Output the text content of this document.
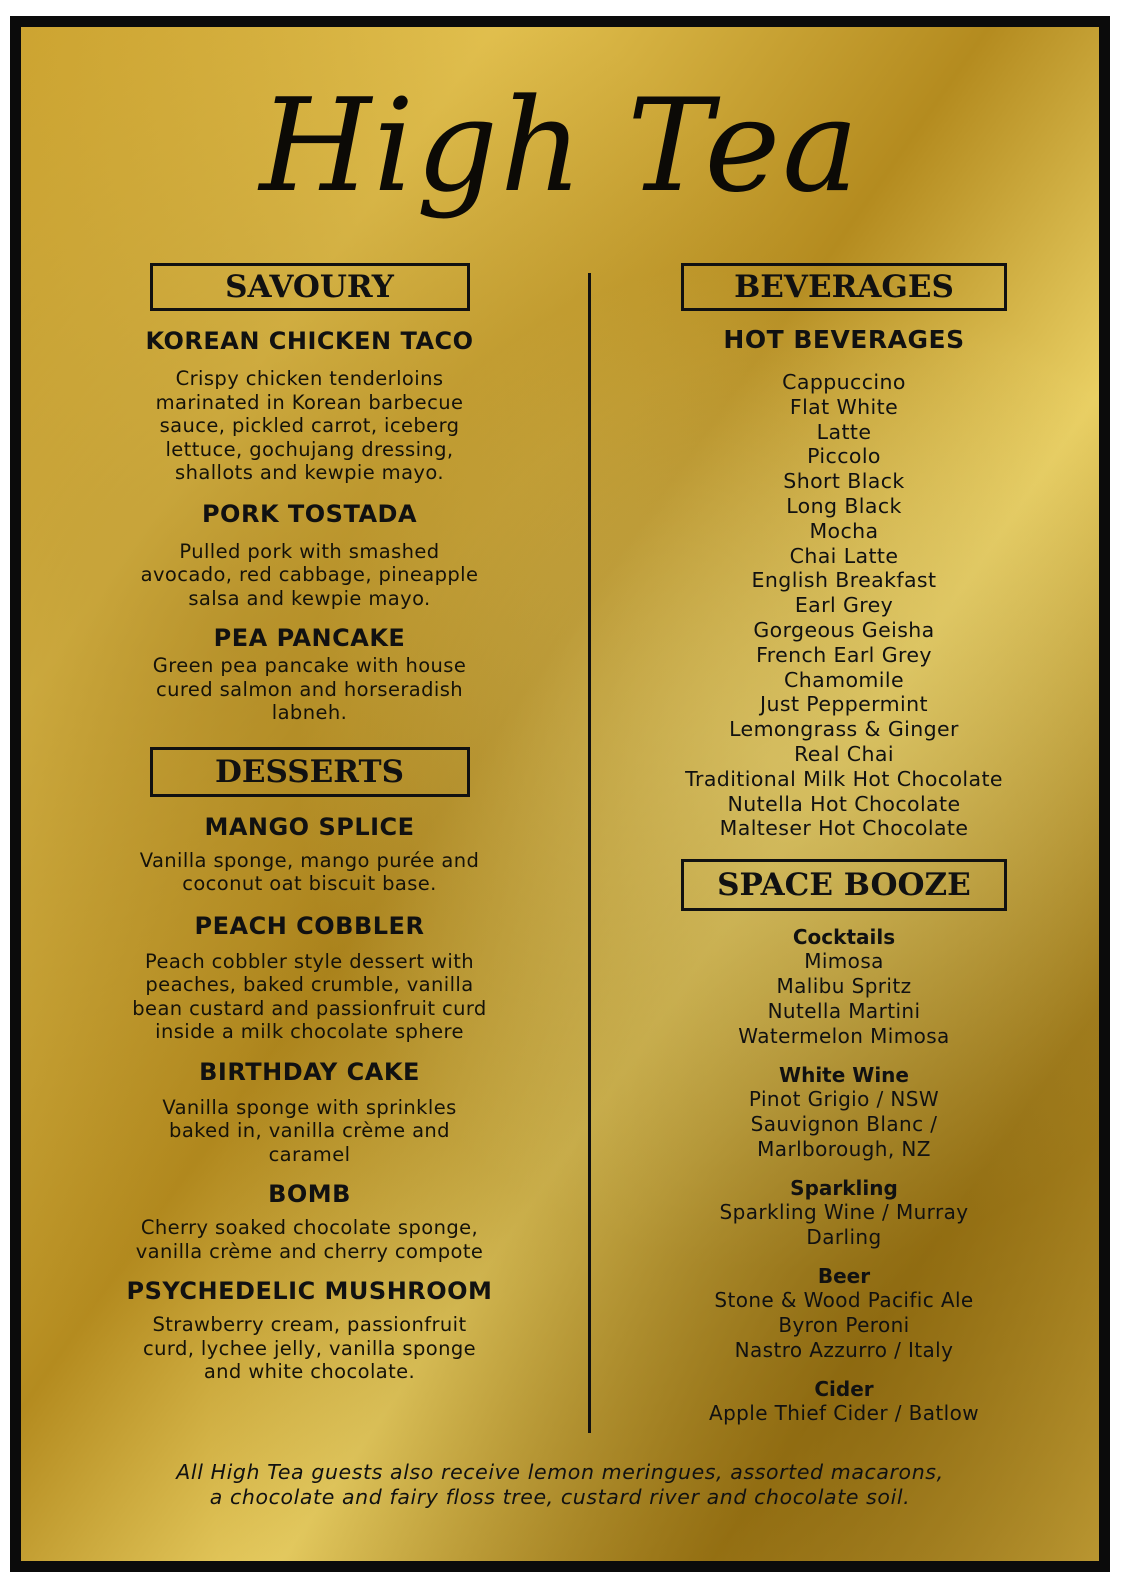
High Tea
SAVOURY
KOREAN CHICKEN TACO
Crispy chicken tenderloins
marinated in Korean barbecue
sauce, pickled carrot, iceberg
lettuce, gochujang dressing,
shallots and kewpie mayo.
PORK TOSTADA
Pulled pork with smashed
avocado, red cabbage, pineapple
salsa and kewpie mayo.
PEA PANCAKE
Green pea pancake with house
cured salmon and horseradish
labneh.
DESSERTS
MANGO SPLICE
Vanilla sponge, mango purée and
coconut oat biscuit base.
PEACH COBBLER
Peach cobbler style dessert with
peaches, baked crumble, vanilla
bean custard and passionfruit curd
inside a milk chocolate sphere
BIRTHDAY CAKE
Vanilla sponge with sprinkles
baked in, vanilla crème and
caramel
BOMB
Cherry soaked chocolate sponge,
vanilla crème and cherry compote
PSYCHEDELIC MUSHROOM
Strawberry cream, passionfruit
curd, lychee jelly, vanilla sponge
and white chocolate.
BEVERAGES
HOT BEVERAGES
Cappuccino
Flat White
Latte
Piccolo
Short Black
Long Black
Mocha
Chai Latte
English Breakfast
Earl Grey
Gorgeous Geisha
French Earl Grey
Chamomile
Just Peppermint
Lemongrass & Ginger
Real Chai
Traditional Milk Hot Chocolate
Nutella Hot Chocolate
Malteser Hot Chocolate
SPACE BOOZE
Cocktails
Mimosa
Malibu Spritz
Nutella Martini
Watermelon Mimosa
White Wine
Pinot Grigio / NSW
Sauvignon Blanc /
Marlborough, NZ
Sparkling
Sparkling Wine / Murray
Darling
Beer
Stone & Wood Pacific Ale
Byron Peroni
Nastro Azzurro / Italy
Cider
Apple Thief Cider / Batlow
All High Tea guests also receive lemon meringues, assorted macarons,
a chocolate and fairy floss tree, custard river and chocolate soil.
